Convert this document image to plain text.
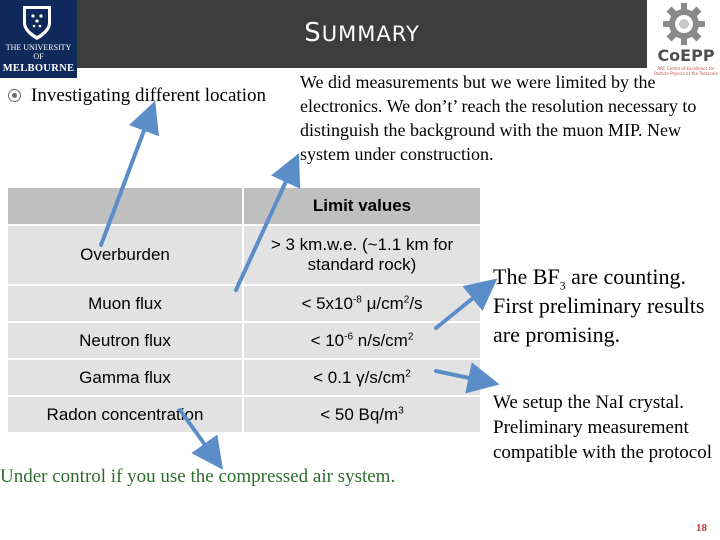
SUMMARY
THE UNIVERSITY OF
MELBOURNE
CoEPP
ARC Centre of Excellence for Particle Physics at the Terascale
Investigating different location
We did measurements but we were limited by the electronics. We don’t’ reach the resolution necessary to distinguish the background with the muon MIP. New system under construction.
	Limit values
Overburden	> 3 km.w.e. (~1.1 km for
standard rock)
Muon flux	< $5x10^{-8}$ $\mu/cm^2/s$
Neutron flux	< $10^{-6}$ $n/s/cm^2$
Gamma flux	< 0.1 $\gamma/s/cm^2$
Radon concentration	< 50 $Bq/m^3$
The $BF_3$ are counting. First preliminary results are promising.
We setup the NaI crystal. Preliminary measurement compatible with the protocol
Under control if you use the compressed air system.
18
